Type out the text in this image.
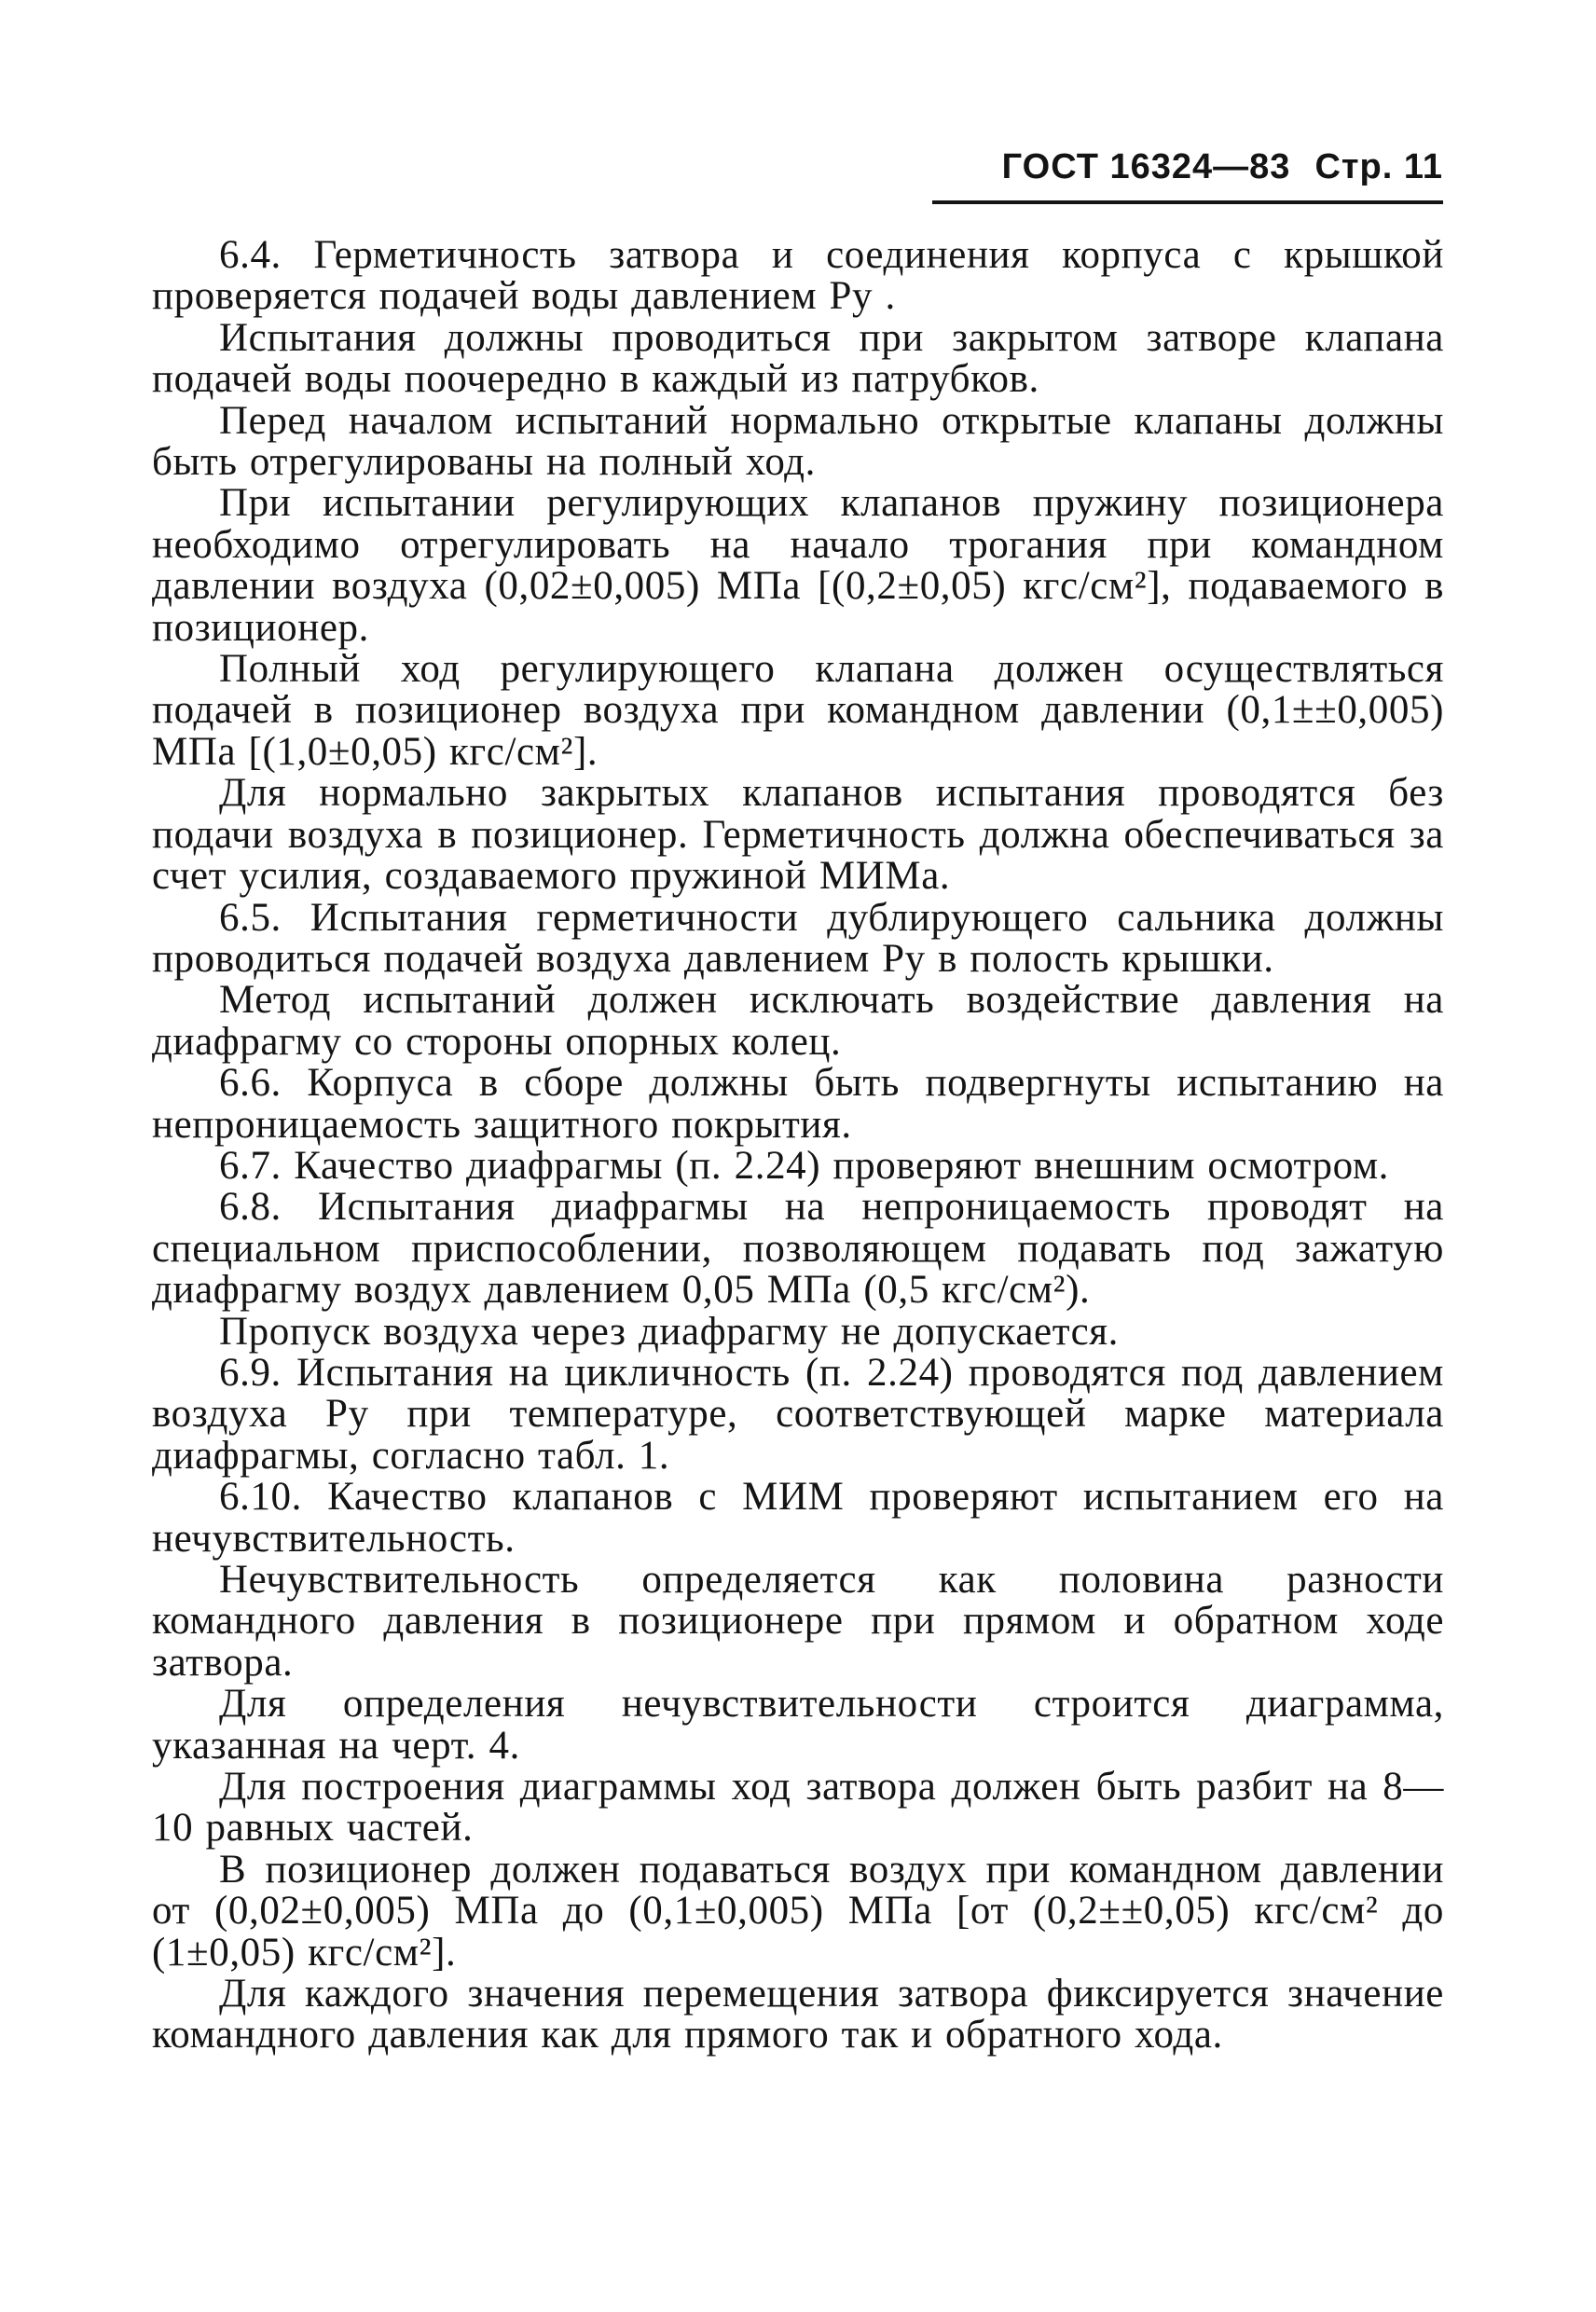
ГОСТ 16324—83 Стр. 11

6.4. Герметичность затвора и соединения корпуса с крышкой проверяется подачей воды давлением Pу .

Испытания должны проводиться при закрытом затворе клапана подачей воды поочередно в каждый из патрубков.

Перед началом испытаний нормально открытые клапаны должны быть отрегулированы на полный ход.

При испытании регулирующих клапанов пружину позиционера необходимо отрегулировать на начало трогания при командном давлении воздуха (0,02±0,005) МПа [(0,2±0,05) кгс/см²], подаваемого в позиционер.

Полный ход регулирующего клапана должен осуществляться подачей в позиционер воздуха при командном давлении (0,1±±0,005) МПа [(1,0±0,05) кгс/см²].

Для нормально закрытых клапанов испытания проводятся без подачи воздуха в позиционер. Герметичность должна обеспечиваться за счет усилия, создаваемого пружиной МИМа.

6.5. Испытания герметичности дублирующего сальника должны проводиться подачей воздуха давлением Pу в полость крышки.

Метод испытаний должен исключать воздействие давления на диафрагму со стороны опорных колец.

6.6. Корпуса в сборе должны быть подвергнуты испытанию на непроницаемость защитного покрытия.

6.7. Качество диафрагмы (п. 2.24) проверяют внешним осмотром.

6.8. Испытания диафрагмы на непроницаемость проводят на специальном приспособлении, позволяющем подавать под зажатую диафрагму воздух давлением 0,05 МПа (0,5 кгс/см²).

Пропуск воздуха через диафрагму не допускается.

6.9. Испытания на цикличность (п. 2.24) проводятся под давлением воздуха Pу при температуре, соответствующей марке материала диафрагмы, согласно табл. 1.

6.10. Качество клапанов с МИМ проверяют испытанием его на нечувствительность.

Нечувствительность определяется как половина разности командного давления в позиционере при прямом и обратном ходе затвора.

Для определения нечувствительности строится диаграмма, указанная на черт. 4.

Для построения диаграммы ход затвора должен быть разбит на 8—10 равных частей.

В позиционер должен подаваться воздух при командном давлении от (0,02±0,005) МПа до (0,1±0,005) МПа [от (0,2±±0,05) кгс/см² до (1±0,05) кгс/см²].

Для каждого значения перемещения затвора фиксируется значение командного давления как для прямого так и обратного хода.
